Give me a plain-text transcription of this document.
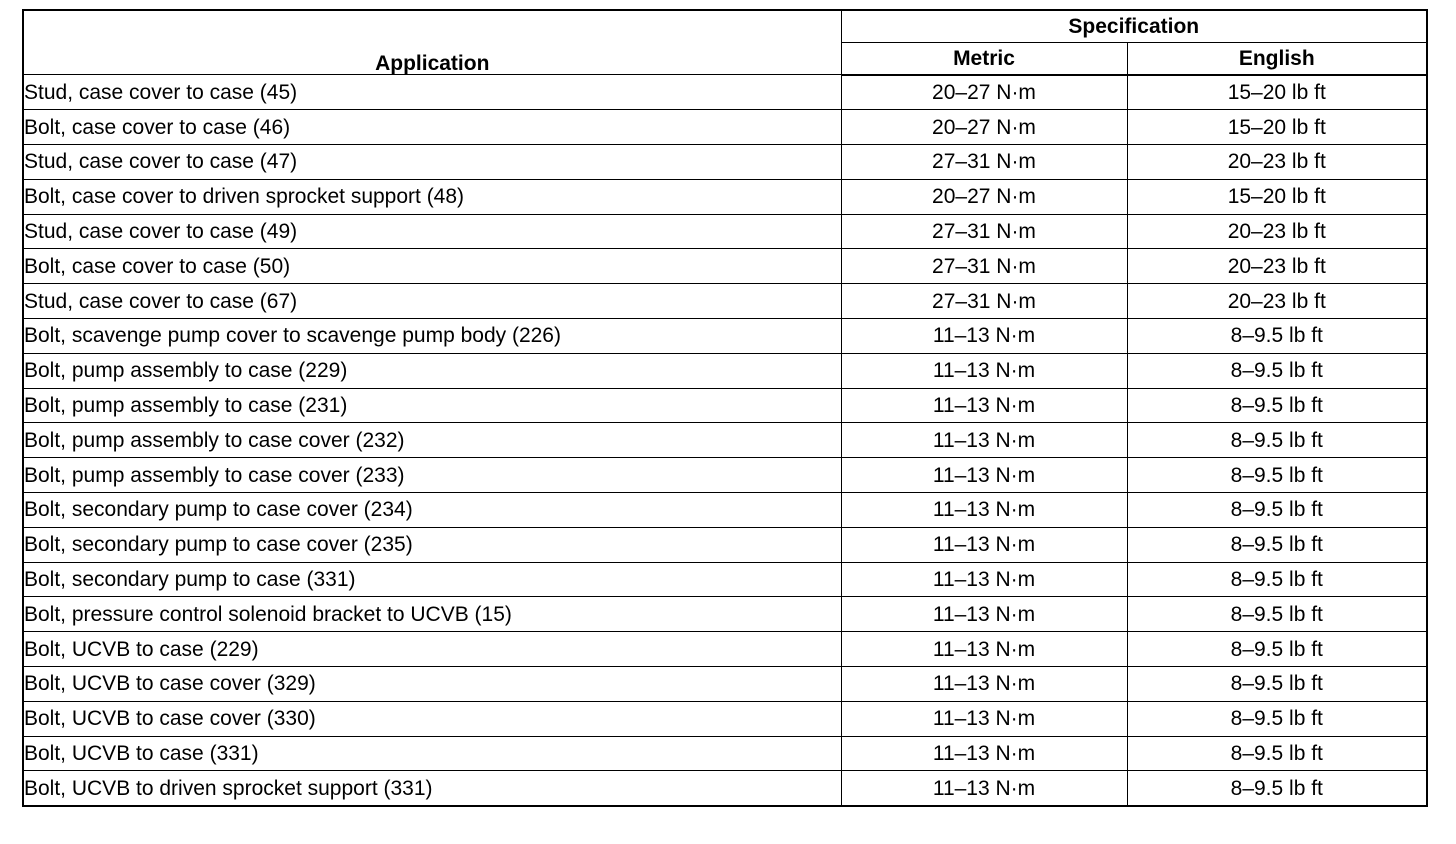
Application	Specification	
	Metric	English
Stud, case cover to case (45)	20–27 N·m	15–20 lb ft
Bolt, case cover to case (46)	20–27 N·m	15–20 lb ft
Stud, case cover to case (47)	27–31 N·m	20–23 lb ft
Bolt, case cover to driven sprocket support (48)	20–27 N·m	15–20 lb ft
Stud, case cover to case (49)	27–31 N·m	20–23 lb ft
Bolt, case cover to case (50)	27–31 N·m	20–23 lb ft
Stud, case cover to case (67)	27–31 N·m	20–23 lb ft
Bolt, scavenge pump cover to scavenge pump body (226)	11–13 N·m	8–9.5 lb ft
Bolt, pump assembly to case (229)	11–13 N·m	8–9.5 lb ft
Bolt, pump assembly to case (231)	11–13 N·m	8–9.5 lb ft
Bolt, pump assembly to case cover (232)	11–13 N·m	8–9.5 lb ft
Bolt, pump assembly to case cover (233)	11–13 N·m	8–9.5 lb ft
Bolt, secondary pump to case cover (234)	11–13 N·m	8–9.5 lb ft
Bolt, secondary pump to case cover (235)	11–13 N·m	8–9.5 lb ft
Bolt, secondary pump to case (331)	11–13 N·m	8–9.5 lb ft
Bolt, pressure control solenoid bracket to UCVB (15)	11–13 N·m	8–9.5 lb ft
Bolt, UCVB to case (229)	11–13 N·m	8–9.5 lb ft
Bolt, UCVB to case cover (329)	11–13 N·m	8–9.5 lb ft
Bolt, UCVB to case cover (330)	11–13 N·m	8–9.5 lb ft
Bolt, UCVB to case (331)	11–13 N·m	8–9.5 lb ft
Bolt, UCVB to driven sprocket support (331)	11–13 N·m	8–9.5 lb ft
